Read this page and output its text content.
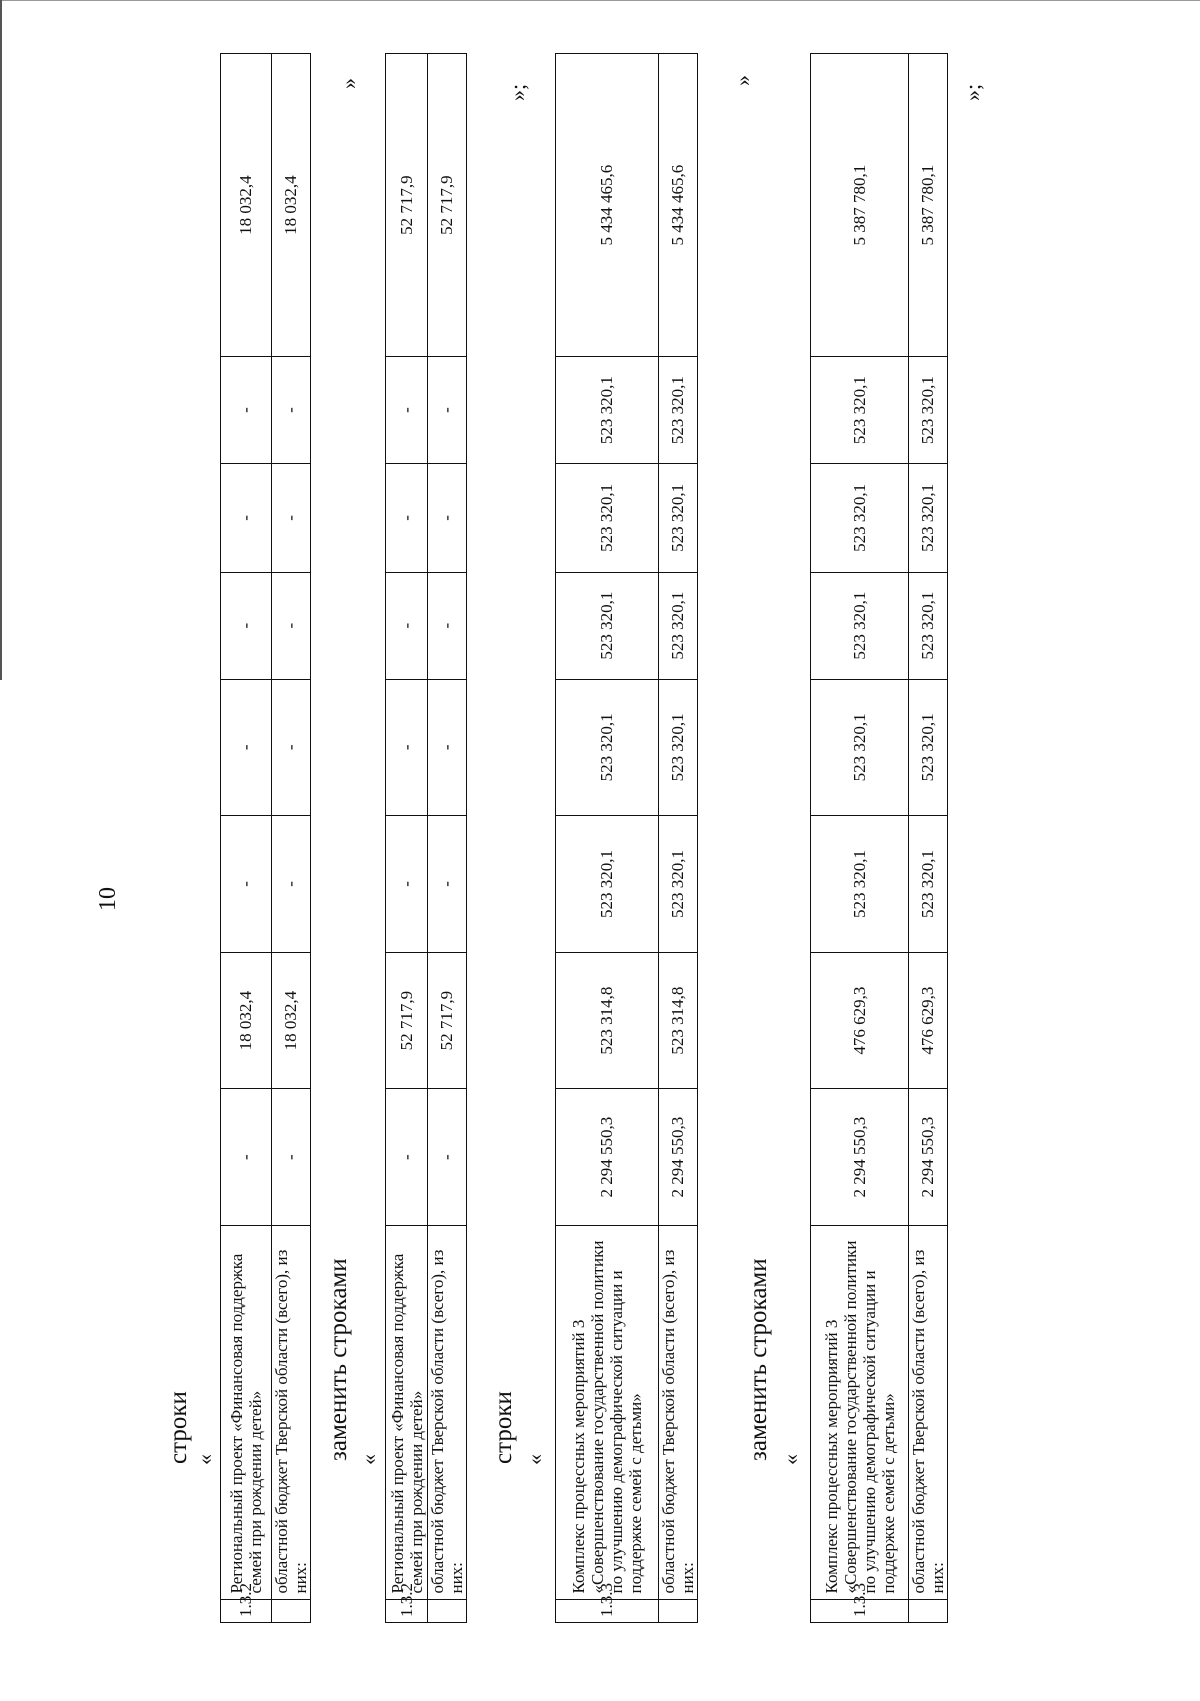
10
строки «
1.3.2	Региональный проект «Финансовая поддержка семей при рождении детей»	-	18 032,4	-	-	-	-	-	18 032,4
	областной бюджет Тверской области (всего), из них:	-	18 032,4	-	-	-	-	-	18 032,4
»
заменить строками «
1.3.2	Региональный проект «Финансовая поддержка семей при рождении детей»	-	52 717,9	-	-	-	-	-	52 717,9
	областной бюджет Тверской области (всего), из них:	-	52 717,9	-	-	-	-	-	52 717,9
»;
строки «
1.3.3	Комплекс процессных мероприятий 3 «Совершенствование государственной политики по улучшению демографической ситуации и поддержке семей с детьми»	2 294 550,3	523 314,8	523 320,1	523 320,1	523 320,1	523 320,1	523 320,1	5 434 465,6
	областной бюджет Тверской области (всего), из них:	2 294 550,3	523 314,8	523 320,1	523 320,1	523 320,1	523 320,1	523 320,1	5 434 465,6
»
заменить строками «
1.3.3	Комплекс процессных мероприятий 3 «Совершенствование государственной политики по улучшению демографической ситуации и поддержке семей с детьми»	2 294 550,3	476 629,3	523 320,1	523 320,1	523 320,1	523 320,1	523 320,1	5 387 780,1
	областной бюджет Тверской области (всего), из них:	2 294 550,3	476 629,3	523 320,1	523 320,1	523 320,1	523 320,1	523 320,1	5 387 780,1
»;
